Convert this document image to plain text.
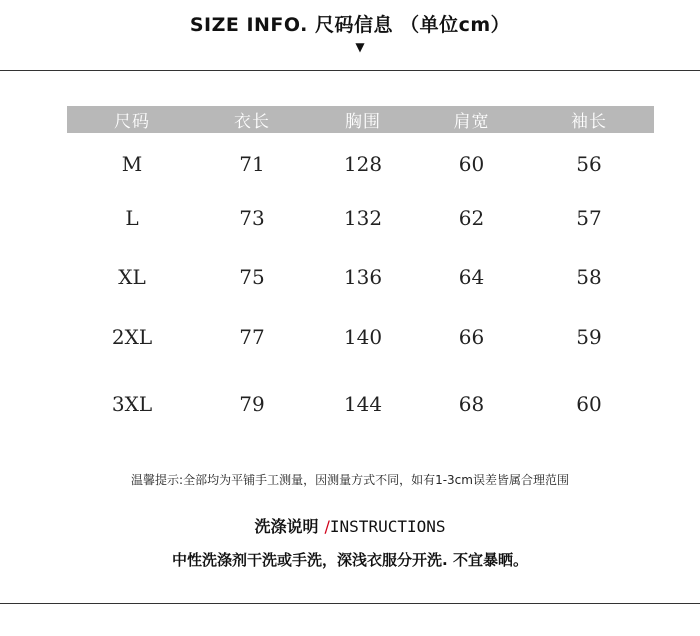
SIZE INFO. 尺码信息 （单位cm）
▼
尺码	衣长	胸围	肩宽	袖长
M	71	128	60	56
L	73	132	62	57
XL	75	136	64	58
2XL	77	140	66	59
3XL	79	144	68	60
温馨提示:全部均为平铺手工测量，因测量方式不同，如有1-3cm误差皆属合理范围
洗涤说明 /INSTRUCTIONS
中性洗涤剂干洗或手洗，深浅衣服分开洗. 不宜暴晒。
